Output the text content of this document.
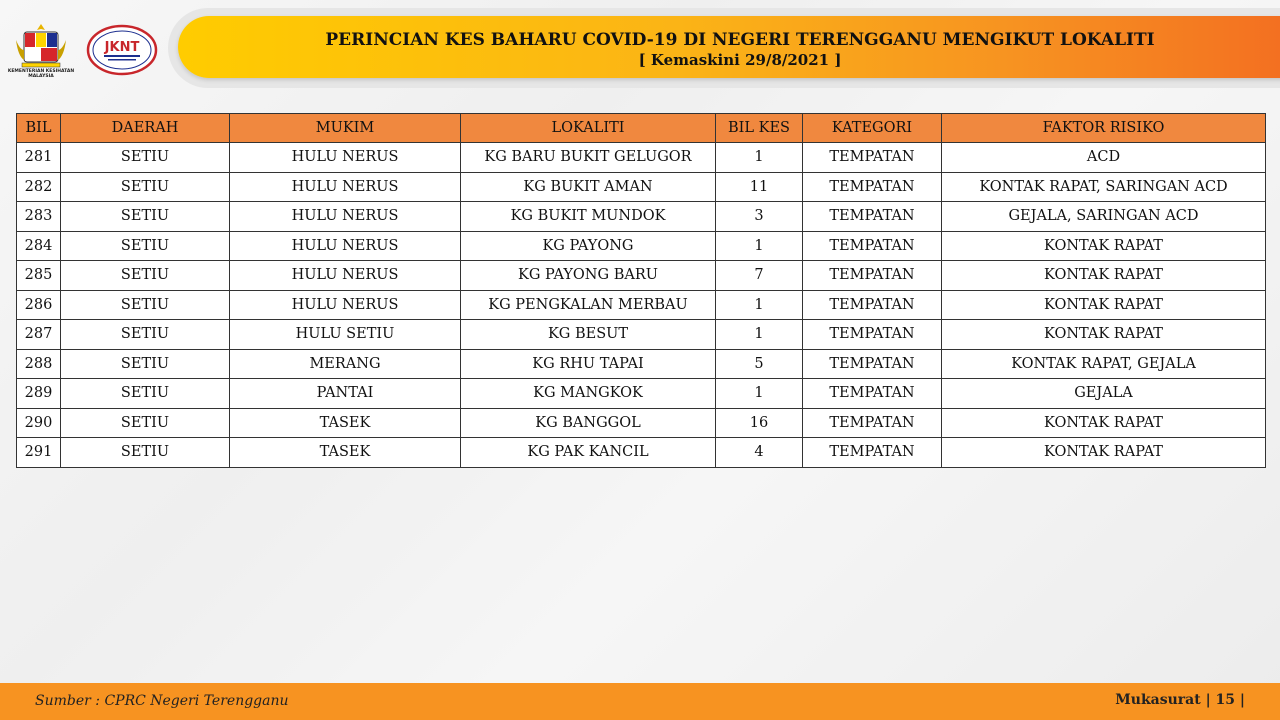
KEMENTERIAN KESIHATAN MALAYSIA
JKNT	PERINCIAN KES BAHARU COVID-19 DI NEGERI TERENGGANU MENGIKUT LOKALITI
[ Kemaskini 29/8/2021 ]
BIL	DAERAH	MUKIM	LOKALITI	BIL KES	KATEGORI	FAKTOR RISIKO
281	SETIU	HULU NERUS	KG BARU BUKIT GELUGOR	1	TEMPATAN	ACD
282	SETIU	HULU NERUS	KG BUKIT AMAN	11	TEMPATAN	KONTAK RAPAT, SARINGAN ACD
283	SETIU	HULU NERUS	KG BUKIT MUNDOK	3	TEMPATAN	GEJALA, SARINGAN ACD
284	SETIU	HULU NERUS	KG PAYONG	1	TEMPATAN	KONTAK RAPAT
285	SETIU	HULU NERUS	KG PAYONG BARU	7	TEMPATAN	KONTAK RAPAT
286	SETIU	HULU NERUS	KG PENGKALAN MERBAU	1	TEMPATAN	KONTAK RAPAT
287	SETIU	HULU SETIU	KG BESUT	1	TEMPATAN	KONTAK RAPAT
288	SETIU	MERANG	KG RHU TAPAI	5	TEMPATAN	KONTAK RAPAT, GEJALA
289	SETIU	PANTAI	KG MANGKOK	1	TEMPATAN	GEJALA
290	SETIU	TASEK	KG BANGGOL	16	TEMPATAN	KONTAK RAPAT
291	SETIU	TASEK	KG PAK KANCIL	4	TEMPATAN	KONTAK RAPAT
Sumber : CPRC Negeri Terengganu	Mukasurat | 15 |
